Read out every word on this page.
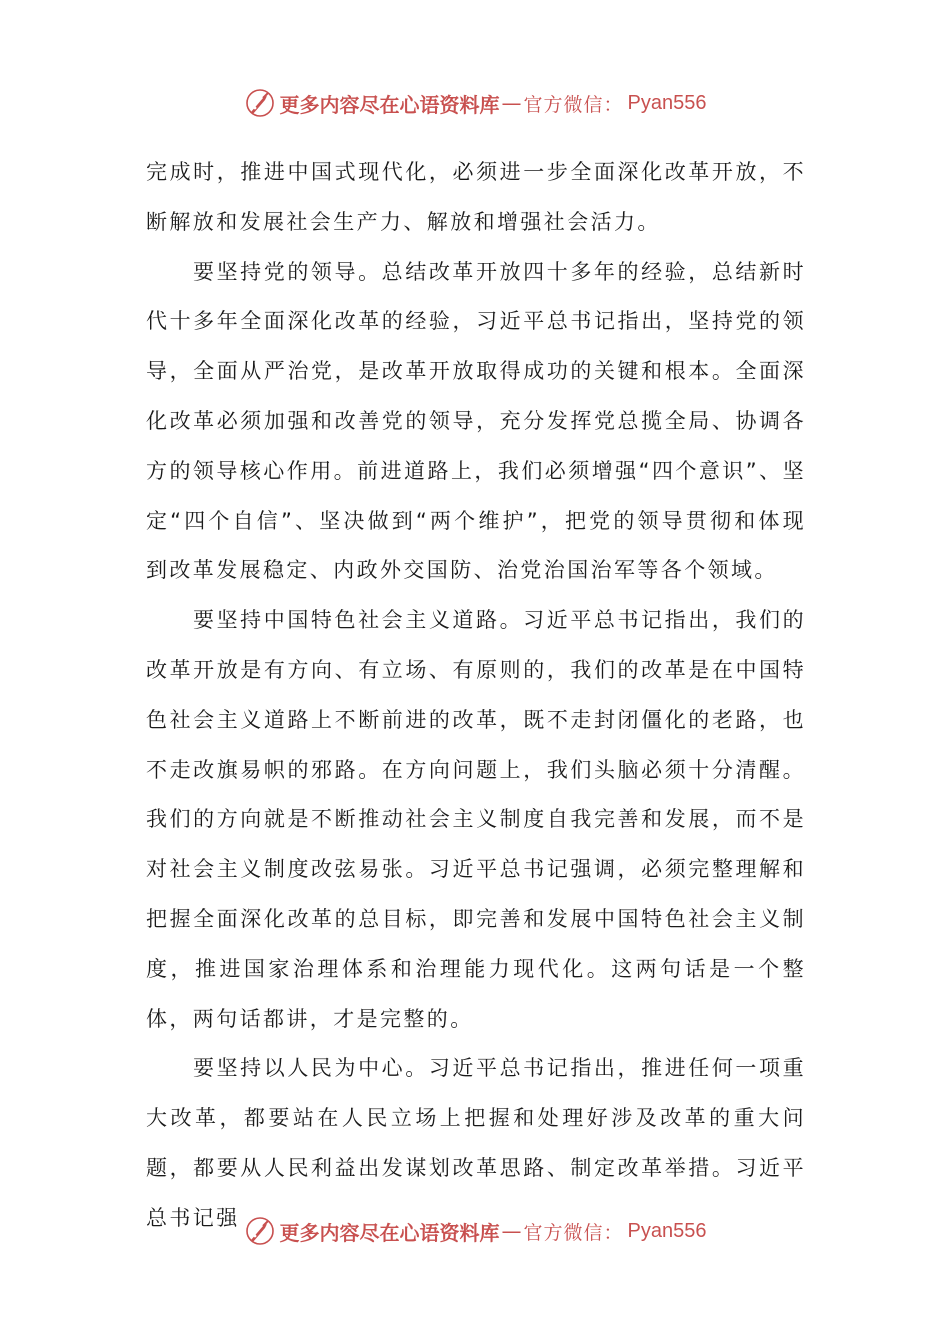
更多内容尽在心语资料库 — 官方微信： Pyan556

完成时，推进中国式现代化，必须进一步全面深化改革开放，不断解放和发展社会生产力、解放和增强社会活力。

要坚持党的领导。总结改革开放四十多年的经验，总结新时代十多年全面深化改革的经验，习近平总书记指出，坚持党的领导，全面从严治党，是改革开放取得成功的关键和根本。全面深化改革必须加强和改善党的领导，充分发挥党总揽全局、协调各方的领导核心作用。前进道路上，我们必须增强“四个意识”、坚定“四个自信”、坚决做到“两个维护”，把党的领导贯彻和体现到改革发展稳定、内政外交国防、治党治国治军等各个领域。

要坚持中国特色社会主义道路。习近平总书记指出，我们的改革开放是有方向、有立场、有原则的，我们的改革是在中国特色社会主义道路上不断前进的改革，既不走封闭僵化的老路，也不走改旗易帜的邪路。在方向问题上，我们头脑必须十分清醒。我们的方向就是不断推动社会主义制度自我完善和发展，而不是对社会主义制度改弦易张。习近平总书记强调，必须完整理解和把握全面深化改革的总目标，即完善和发展中国特色社会主义制度，推进国家治理体系和治理能力现代化。这两句话是一个整体，两句话都讲，才是完整的。

要坚持以人民为中心。习近平总书记指出，推进任何一项重大改革，都要站在人民立场上把握和处理好涉及改革的重大问题，都要从人民利益出发谋划改革思路、制定改革举措。习近平总书记强

更多内容尽在心语资料库 — 官方微信： Pyan556
